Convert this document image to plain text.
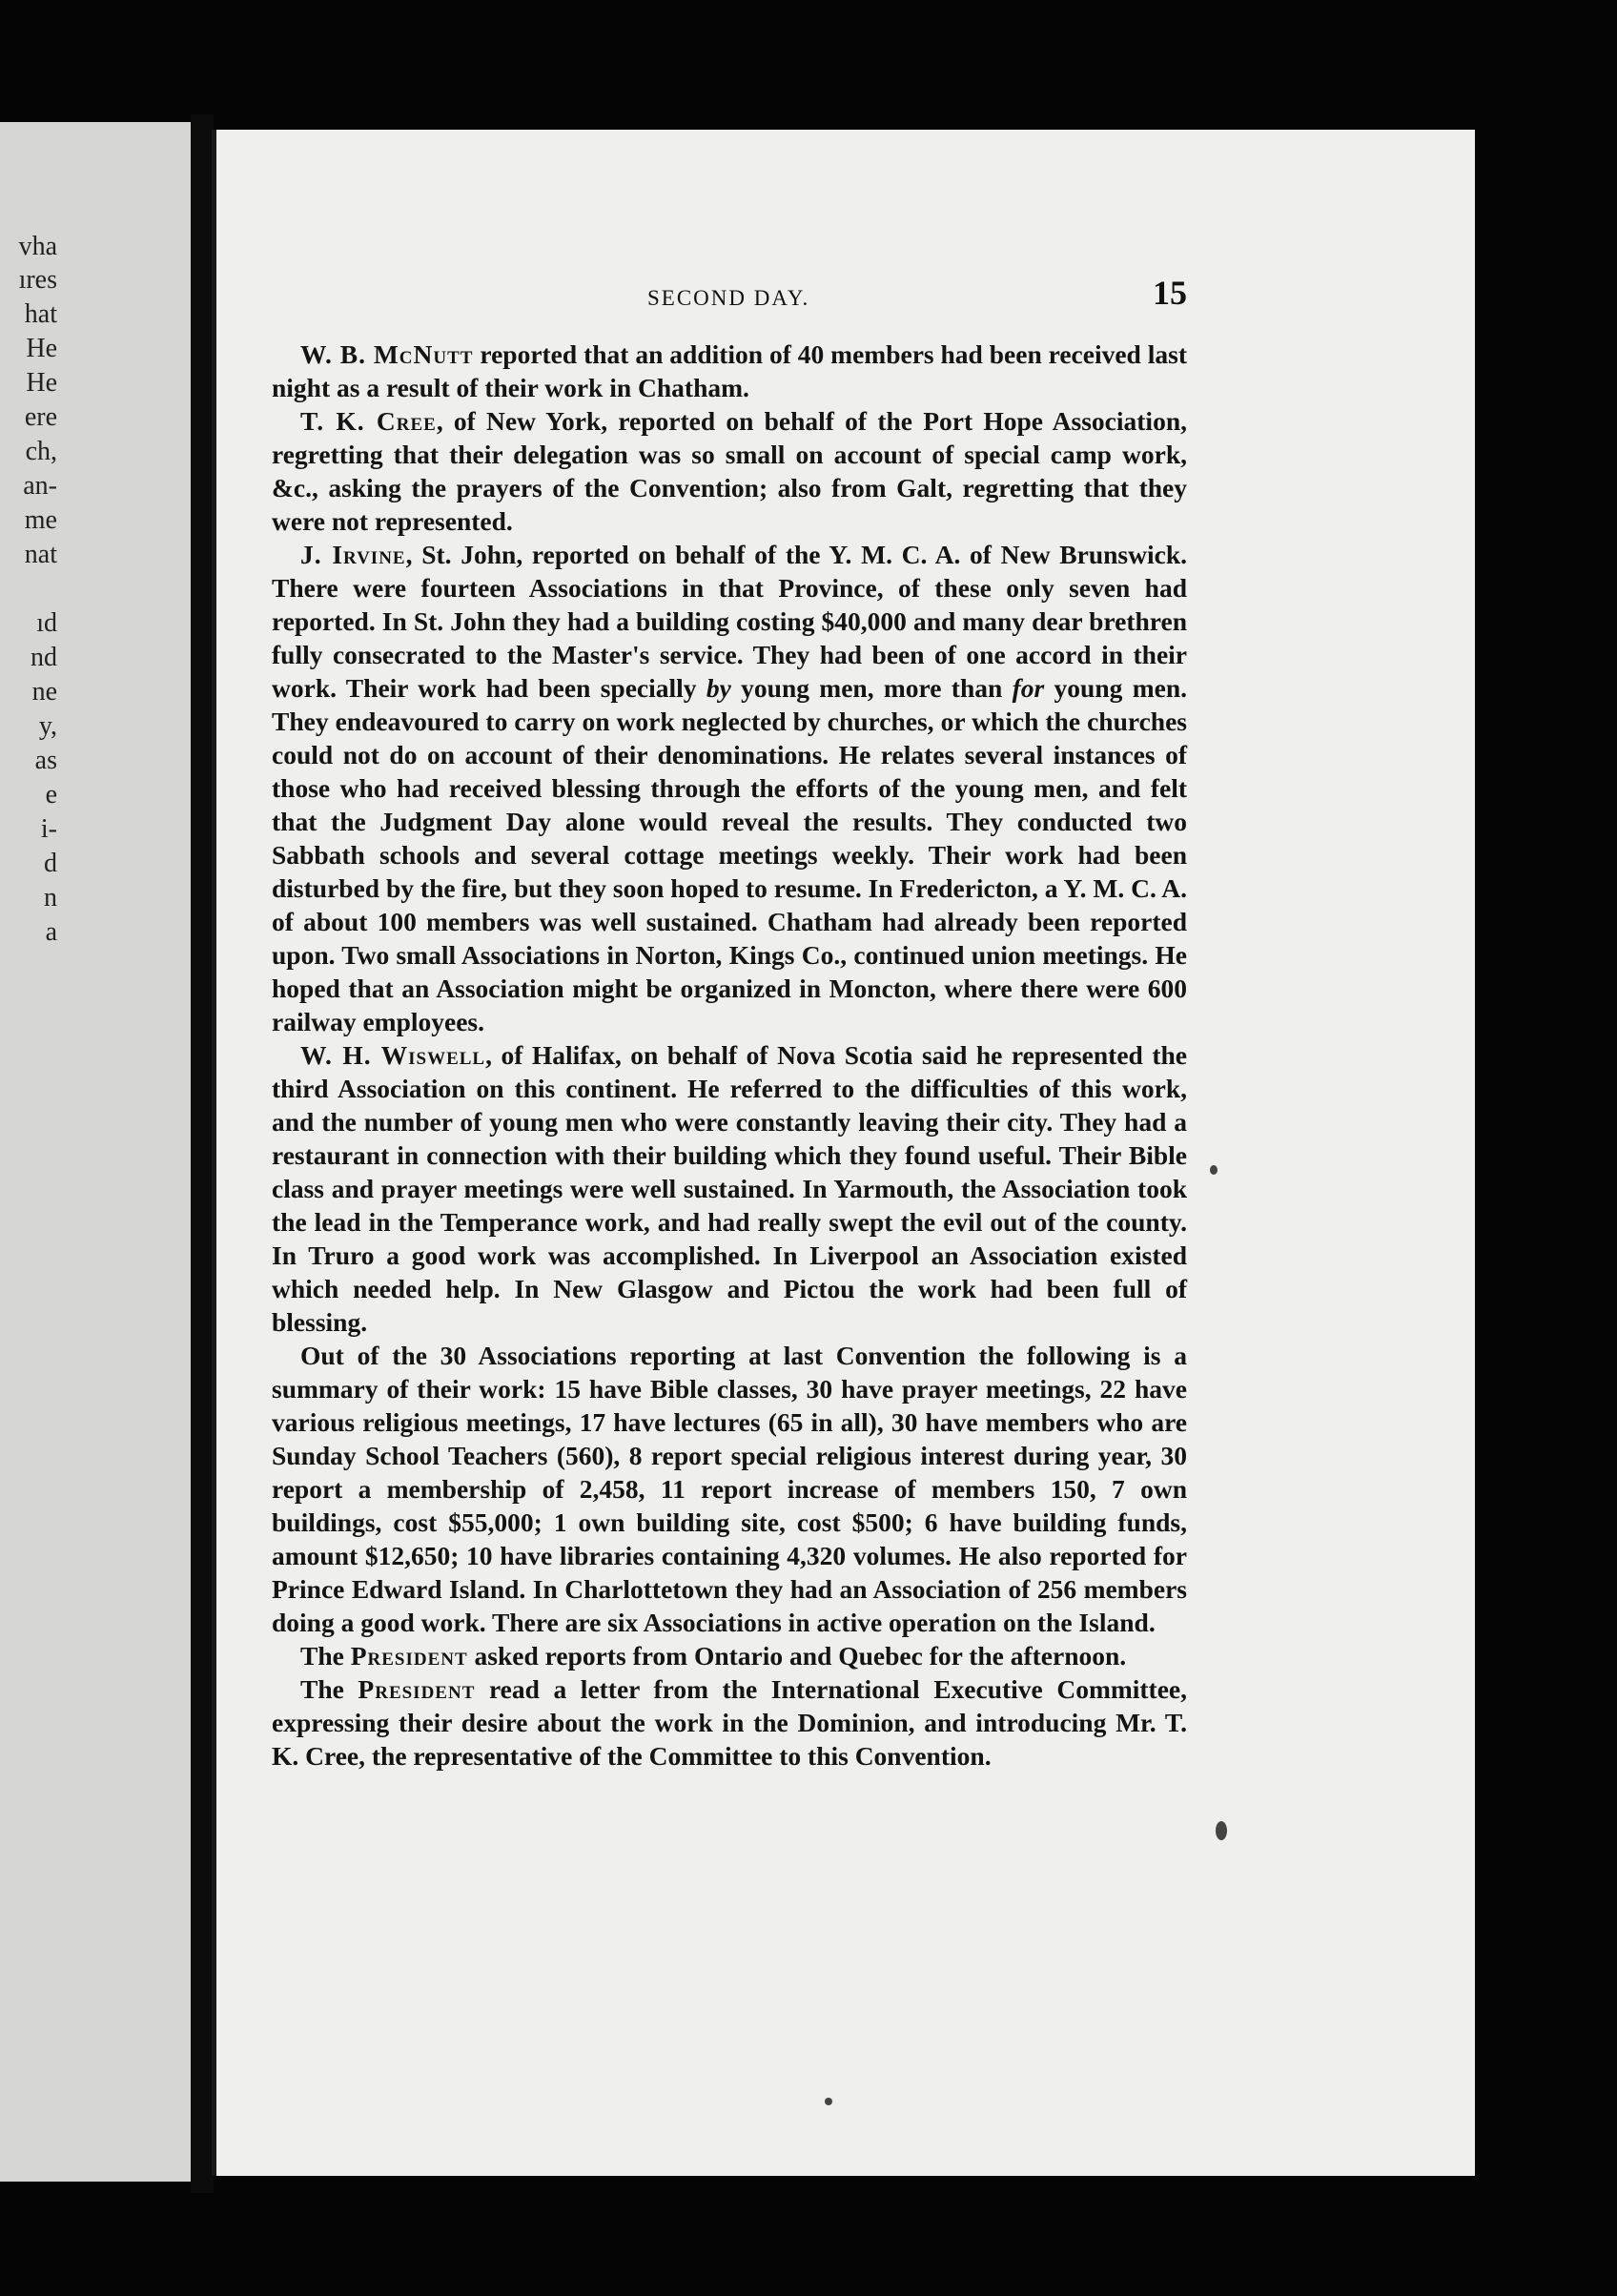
vha
ıres
hat
He
He
ere
ch,
an-
me
nat
ıd
nd
ne
y,
as
e
i-
d
n
a
SECOND DAY.	15

W. B. McNutt reported that an addition of 40 members had been received last night as a result of their work in Chatham.

T. K. Cree, of New York, reported on behalf of the Port Hope Association, regretting that their delegation was so small on account of special camp work, &c., asking the prayers of the Convention; also from Galt, regretting that they were not represented.

J. Irvine, St. John, reported on behalf of the Y. M. C. A. of New Brunswick. There were fourteen Associations in that Province, of these only seven had reported. In St. John they had a building costing $40,000 and many dear brethren fully consecrated to the Master's service. They had been of one accord in their work. Their work had been specially by young men, more than for young men. They endeavoured to carry on work neglected by churches, or which the churches could not do on account of their denominations. He relates several instances of those who had received blessing through the efforts of the young men, and felt that the Judgment Day alone would reveal the results. They conducted two Sabbath schools and several cottage meetings weekly. Their work had been disturbed by the fire, but they soon hoped to resume. In Fredericton, a Y. M. C. A. of about 100 members was well sustained. Chatham had already been reported upon. Two small Associations in Norton, Kings Co., continued union meetings. He hoped that an Association might be organized in Moncton, where there were 600 railway employees.

W. H. Wiswell, of Halifax, on behalf of Nova Scotia said he represented the third Association on this continent. He referred to the difficulties of this work, and the number of young men who were constantly leaving their city. They had a restaurant in connection with their building which they found useful. Their Bible class and prayer meetings were well sustained. In Yarmouth, the Association took the lead in the Temperance work, and had really swept the evil out of the county. In Truro a good work was accomplished. In Liverpool an Association existed which needed help. In New Glasgow and Pictou the work had been full of blessing.

Out of the 30 Associations reporting at last Convention the following is a summary of their work: 15 have Bible classes, 30 have prayer meetings, 22 have various religious meetings, 17 have lectures (65 in all), 30 have members who are Sunday School Teachers (560), 8 report special religious interest during year, 30 report a membership of 2,458, 11 report increase of members 150, 7 own buildings, cost $55,000; 1 own building site, cost $500; 6 have building funds, amount $12,650; 10 have libraries containing 4,320 volumes. He also reported for Prince Edward Island. In Charlottetown they had an Association of 256 members doing a good work. There are six Associations in active operation on the Island.

The President asked reports from Ontario and Quebec for the afternoon.

The President read a letter from the International Executive Committee, expressing their desire about the work in the Dominion, and introducing Mr. T. K. Cree, the representative of the Committee to this Convention.
